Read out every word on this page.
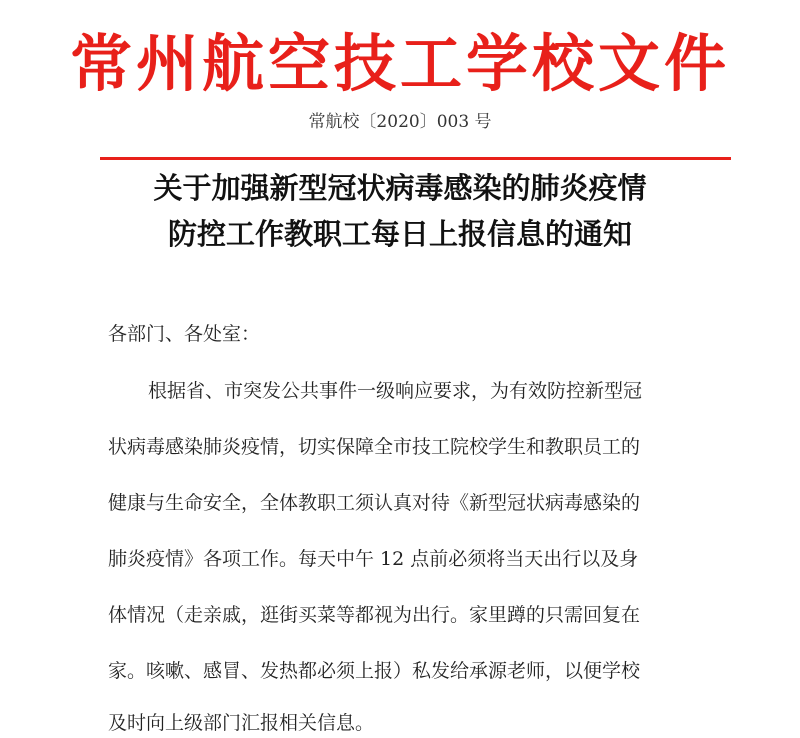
常州航空技工学校文件
常航校〔2020〕003 号
关于加强新型冠状病毒感染的肺炎疫情
防控工作教职工每日上报信息的通知
各部门、各处室：
根据省、市突发公共事件一级响应要求，为有效防控新型冠
状病毒感染肺炎疫情，切实保障全市技工院校学生和教职员工的
健康与生命安全，全体教职工须认真对待《新型冠状病毒感染的
肺炎疫情》各项工作。每天中午 12 点前必须将当天出行以及身
体情况（走亲戚，逛街买菜等都视为出行。家里蹲的只需回复在
家。咳嗽、感冒、发热都必须上报）私发给承源老师，以便学校
及时向上级部门汇报相关信息。
